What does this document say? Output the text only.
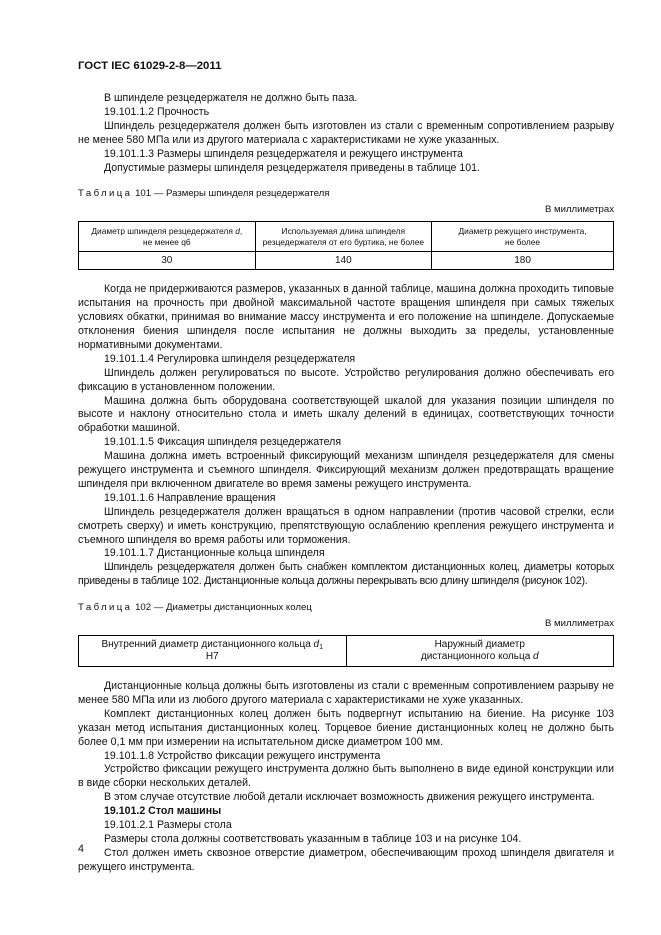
ГОСТ IEC 61029-2-8—2011

В шпинделе резцедержателя не должно быть паза.

19.101.1.2 Прочность

Шпиндель резцедержателя должен быть изготовлен из стали с временным сопротивлением разрыву не менее 580 МПа или из другого материала с характеристиками не хуже указанных.

19.101.1.3 Размеры шпинделя резцедержателя и режущего инструмента

Допустимые размеры шпинделя резцедержателя приведены в таблице 101.

Таблица 101 — Размеры шпинделя резцедержателя

В миллиметрах

Диаметр шпинделя резцедержателя d,
не менее q6	Используемая длина шпинделя
резцедержателя от его буртика, не более	Диаметр режущего инструмента,
не более
30	140	180

Когда не придерживаются размеров, указанных в данной таблице, машина должна проходить типовые испытания на прочность при двойной максимальной частоте вращения шпинделя при самых тяжелых условиях обкатки, принимая во внимание массу инструмента и его положение на шпинделе. Допускаемые отклонения биения шпинделя после испытания не должны выходить за пределы, установленные нормативными документами.

19.101.1.4 Регулировка шпинделя резцедержателя

Шпиндель должен регулироваться по высоте. Устройство регулирования должно обеспечивать его фиксацию в установленном положении.

Машина должна быть оборудована соответствующей шкалой для указания позиции шпинделя по высоте и наклону относительно стола и иметь шкалу делений в единицах, соответствующих точности обработки машиной.

19.101.1.5 Фиксация шпинделя резцедержателя

Машина должна иметь встроенный фиксирующий механизм шпинделя резцедержателя для смены режущего инструмента и съемного шпинделя. Фиксирующий механизм должен предотвращать вращение шпинделя при включенном двигателе во время замены режущего инструмента.

19.101.1.6 Направление вращения

Шпиндель резцедержателя должен вращаться в одном направлении (против часовой стрелки, если смотреть сверху) и иметь конструкцию, препятствующую ослаблению крепления режущего инструмента и съемного шпинделя во время работы или торможения.

19.101.1.7 Дистанционные кольца шпинделя

Шпиндель резцедержателя должен быть снабжен комплектом дистанционных колец, диаметры которых приведены в таблице 102. Дистанционные кольца должны перекрывать всю длину шпинделя (рисунок 102).

Таблица 102 — Диаметры дистанционных колец

В миллиметрах

Внутренний диаметр дистанционного кольца $d_1$
H7	Наружный диаметр
дистанционного кольца d

Дистанционные кольца должны быть изготовлены из стали с временным сопротивлением разрыву не менее 580 МПа или из любого другого материала с характеристиками не хуже указанных.

Комплект дистанционных колец должен быть подвергнут испытанию на биение. На рисунке 103 указан метод испытания дистанционных колец. Торцевое биение дистанционных колец не должно быть более 0,1 мм при измерении на испытательном диске диаметром 100 мм.

19.101.1.8 Устройство фиксации режущего инструмента

Устройство фиксации режущего инструмента должно быть выполнено в виде единой конструкции или в виде сборки нескольких деталей.

В этом случае отсутствие любой детали исключает возможность движения режущего инструмента.

19.101.2 Стол машины

19.101.2.1 Размеры стола

Размеры стола должны соответствовать указанным в таблице 103 и на рисунке 104.

Стол должен иметь сквозное отверстие диаметром, обеспечивающим проход шпинделя двигателя и режущего инструмента.

4
